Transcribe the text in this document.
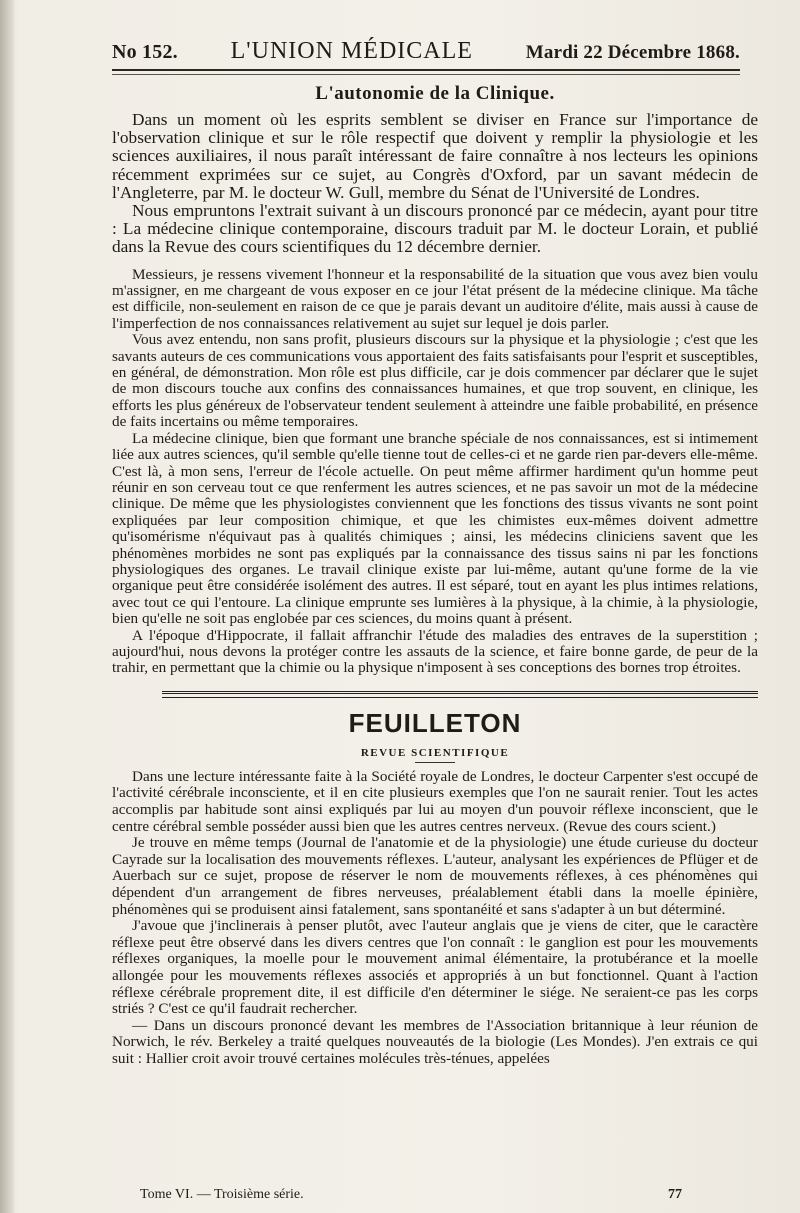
No 152. L'UNION MÉDICALE	Mardi 22 Décembre 1868.
L'autonomie de la Clinique.

Dans un moment où les esprits semblent se diviser en France sur l'importance de l'observation clinique et sur le rôle respectif que doivent y remplir la physiologie et les sciences auxiliaires, il nous paraît intéressant de faire connaître à nos lecteurs les opinions récemment exprimées sur ce sujet, au Congrès d'Oxford, par un savant médecin de l'Angleterre, par M. le docteur W. Gull, membre du Sénat de l'Université de Londres.

Nous empruntons l'extrait suivant à un discours prononcé par ce médecin, ayant pour titre : La médecine clinique contemporaine, discours traduit par M. le docteur Lorain, et publié dans la Revue des cours scientifiques du 12 décembre dernier.

Messieurs, je ressens vivement l'honneur et la responsabilité de la situation que vous avez bien voulu m'assigner, en me chargeant de vous exposer en ce jour l'état présent de la médecine clinique. Ma tâche est difficile, non-seulement en raison de ce que je parais devant un auditoire d'élite, mais aussi à cause de l'imperfection de nos connaissances relativement au sujet sur lequel je dois parler.

Vous avez entendu, non sans profit, plusieurs discours sur la physique et la physiologie ; c'est que les savants auteurs de ces communications vous apportaient des faits satisfaisants pour l'esprit et susceptibles, en général, de démonstration. Mon rôle est plus difficile, car je dois commencer par déclarer que le sujet de mon discours touche aux confins des connaissances humaines, et que trop souvent, en clinique, les efforts les plus généreux de l'observateur tendent seulement à atteindre une faible probabilité, en présence de faits incertains ou même temporaires.

La médecine clinique, bien que formant une branche spéciale de nos connaissances, est si intimement liée aux autres sciences, qu'il semble qu'elle tienne tout de celles-ci et ne garde rien par-devers elle-même. C'est là, à mon sens, l'erreur de l'école actuelle. On peut même affirmer hardiment qu'un homme peut réunir en son cerveau tout ce que renferment les autres sciences, et ne pas savoir un mot de la médecine clinique. De même que les physiologistes conviennent que les fonctions des tissus vivants ne sont point expliquées par leur composition chimique, et que les chimistes eux-mêmes doivent admettre qu'isomérisme n'équivaut pas à qualités chimiques ; ainsi, les médecins cliniciens savent que les phénomènes morbides ne sont pas expliqués par la connaissance des tissus sains ni par les fonctions physiologiques des organes. Le travail clinique existe par lui-même, autant qu'une forme de la vie organique peut être considérée isolément des autres. Il est séparé, tout en ayant les plus intimes relations, avec tout ce qui l'entoure. La clinique emprunte ses lumières à la physique, à la chimie, à la physiologie, bien qu'elle ne soit pas englobée par ces sciences, du moins quant à présent.

A l'époque d'Hippocrate, il fallait affranchir l'étude des maladies des entraves de la superstition ; aujourd'hui, nous devons la protéger contre les assauts de la science, et faire bonne garde, de peur de la trahir, en permettant que la chimie ou la physique n'imposent à ses conceptions des bornes trop étroites.

FEUILLETON
REVUE SCIENTIFIQUE

Dans une lecture intéressante faite à la Société royale de Londres, le docteur Carpenter s'est occupé de l'activité cérébrale inconsciente, et il en cite plusieurs exemples que l'on ne saurait renier. Tout les actes accomplis par habitude sont ainsi expliqués par lui au moyen d'un pouvoir réflexe inconscient, que le centre cérébral semble posséder aussi bien que les autres centres nerveux. (Revue des cours scient.)

Je trouve en même temps (Journal de l'anatomie et de la physiologie) une étude curieuse du docteur Cayrade sur la localisation des mouvements réflexes. L'auteur, analysant les expériences de Pflüger et de Auerbach sur ce sujet, propose de réserver le nom de mouvements réflexes, à ces phénomènes qui dépendent d'un arrangement de fibres nerveuses, préalablement établi dans la moelle épinière, phénomènes qui se produisent ainsi fatalement, sans spontanéité et sans s'adapter à un but déterminé.

J'avoue que j'inclinerais à penser plutôt, avec l'auteur anglais que je viens de citer, que le caractère réflexe peut être observé dans les divers centres que l'on connaît : le ganglion est pour les mouvements réflexes organiques, la moelle pour le mouvement animal élémentaire, la protubérance et la moelle allongée pour les mouvements réflexes associés et appropriés à un but fonctionnel. Quant à l'action réflexe cérébrale proprement dite, il est difficile d'en déterminer le siége. Ne seraient-ce pas les corps striés ? C'est ce qu'il faudrait rechercher.

— Dans un discours prononcé devant les membres de l'Association britannique à leur réunion de Norwich, le rév. Berkeley a traité quelques nouveautés de la biologie (Les Mondes). J'en extrais ce qui suit : Hallier croit avoir trouvé certaines molécules très-ténues, appelées

Tome VI. — Troisième série.	77
